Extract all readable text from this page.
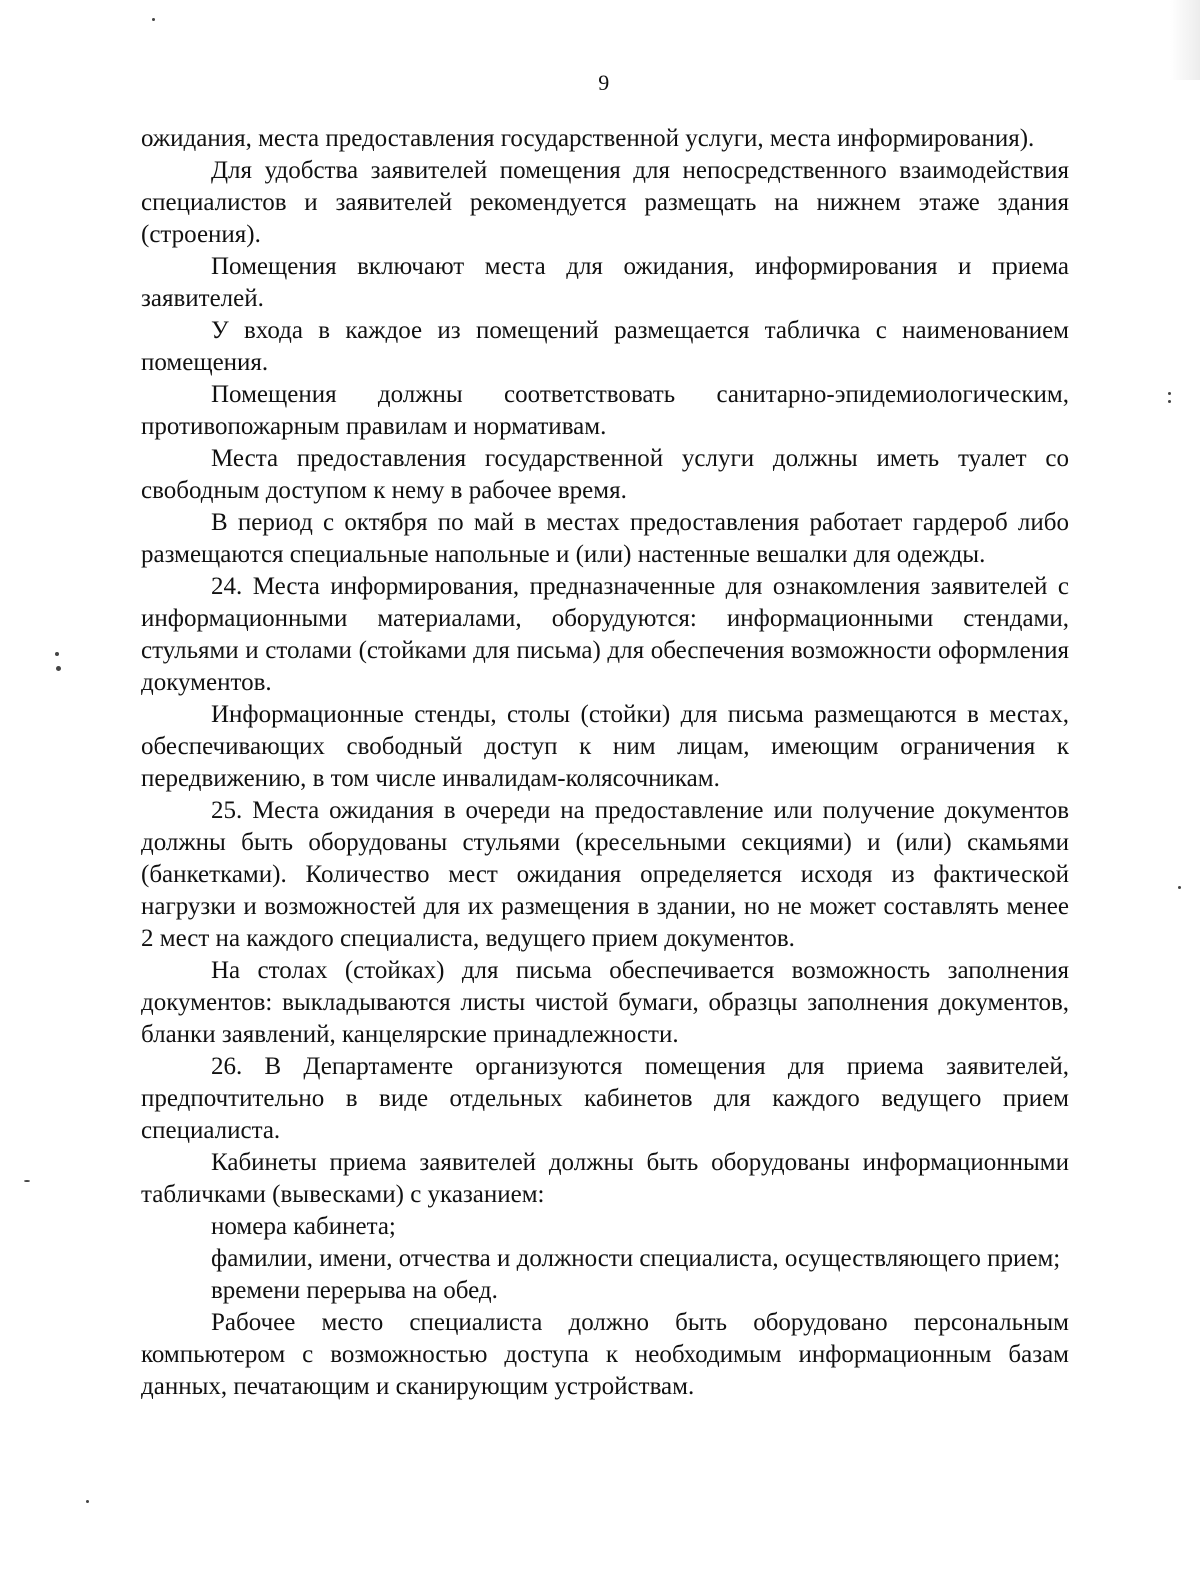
9

ожидания, места предоставления государственной услуги, места информирования).

Для удобства заявителей помещения для непосредственного взаимодействия специалистов и заявителей рекомендуется размещать на нижнем этаже здания (строения).

Помещения включают места для ожидания, информирования и приема заявителей.

У входа в каждое из помещений размещается табличка с наименованием помещения.

Помещения должны соответствовать санитарно-эпидемиологическим, противопожарным правилам и нормативам.

Места предоставления государственной услуги должны иметь туалет со свободным доступом к нему в рабочее время.

В период с октября по май в местах предоставления работает гардероб либо размещаются специальные напольные и (или) настенные вешалки для одежды.

24. Места информирования, предназначенные для ознакомления заявителей с информационными материалами, оборудуются: информационными стендами, стульями и столами (стойками для письма) для обеспечения возможности оформления документов.

Информационные стенды, столы (стойки) для письма размещаются в местах, обеспечивающих свободный доступ к ним лицам, имеющим ограничения к передвижению, в том числе инвалидам-колясочникам.

25. Места ожидания в очереди на предоставление или получение документов должны быть оборудованы стульями (кресельными секциями) и (или) скамьями (банкетками). Количество мест ожидания определяется исходя из фактической нагрузки и возможностей для их размещения в здании, но не может составлять менее 2 мест на каждого специалиста, ведущего прием документов.

На столах (стойках) для письма обеспечивается возможность заполнения документов: выкладываются листы чистой бумаги, образцы заполнения документов, бланки заявлений, канцелярские принадлежности.

26. В Департаменте организуются помещения для приема заявителей, предпочтительно в виде отдельных кабинетов для каждого ведущего прием специалиста.

Кабинеты приема заявителей должны быть оборудованы информационными табличками (вывесками) с указанием:

номера кабинета;

фамилии, имени, отчества и должности специалиста, осуществляющего прием;

времени перерыва на обед.

Рабочее место специалиста должно быть оборудовано персональным компьютером с возможностью доступа к необходимым информационным базам данных, печатающим и сканирующим устройствам.
